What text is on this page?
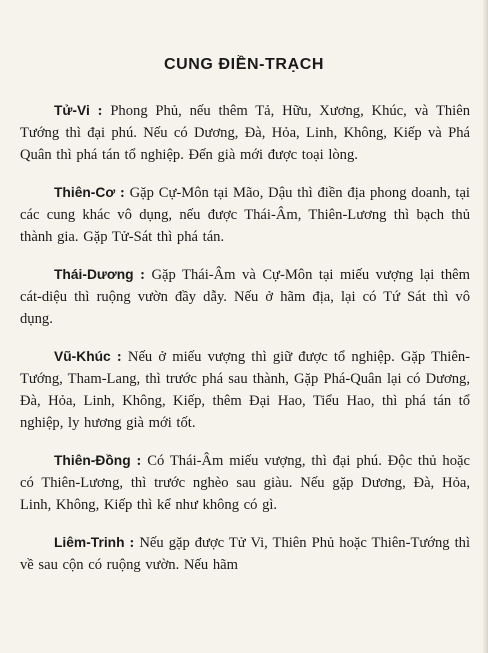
CUNG ĐIỀN-TRẠCH

Tử-Vi : Phong Phủ, nếu thêm Tả, Hữu, Xương, Khúc, và Thiên Tướng thì đại phú. Nếu có Dương, Đà, Hỏa, Linh, Không, Kiếp và Phá Quân thì phá tán tổ nghiệp. Đến già mới được toại lòng.

Thiên-Cơ : Gặp Cự-Môn tại Mão, Dậu thì điền địa phong doanh, tại các cung khác vô dụng, nếu được Thái-Âm, Thiên-Lương thì bạch thủ thành gia. Gặp Tử-Sát thì phá tán.

Thái-Dương : Gặp Thái-Âm và Cự-Môn tại miếu vượng lại thêm cát-diệu thì ruộng vườn đầy dẫy. Nếu ở hãm địa, lại có Tứ Sát thì vô dụng.

Vũ-Khúc : Nếu ở miếu vượng thì giữ được tổ nghiệp. Gặp Thiên-Tướng, Tham-Lang, thì trước phá sau thành, Gặp Phá-Quân lại có Dương, Đà, Hỏa, Linh, Không, Kiếp, thêm Đại Hao, Tiểu Hao, thì phá tán tổ nghiệp, ly hương già mới tốt.

Thiên-Đồng : Có Thái-Âm miếu vượng, thì đại phú. Độc thủ hoặc có Thiên-Lương, thì trước nghèo sau giàu. Nếu gặp Dương, Đà, Hỏa, Linh, Không, Kiếp thì kể như không có gì.

Liêm-Trinh : Nếu gặp được Tử Vi, Thiên Phủ hoặc Thiên-Tướng thì về sau cộn có ruộng vườn. Nếu hãm
